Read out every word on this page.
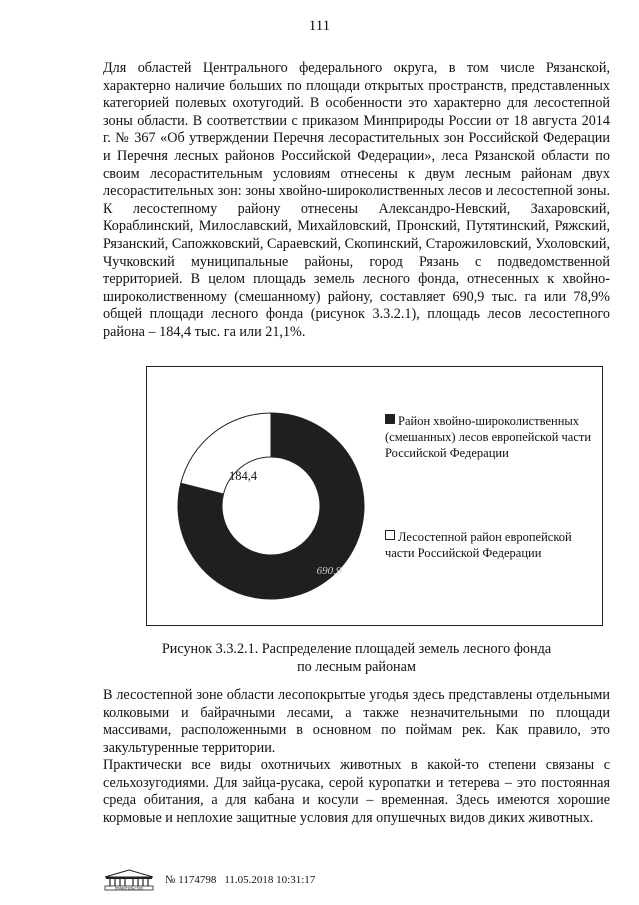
111

Для областей Центрального федерального округа, в том числе Рязанской, характерно наличие больших по площади открытых пространств, представленных категорией полевых охотугодий. В особенности это характерно для лесостепной зоны области. В соответствии с приказом Минприроды России от 18 августа 2014 г. № 367 «Об утверждении Перечня лесорастительных зон Российской Федерации и Перечня лесных районов Российской Федерации», леса Рязанской области по своим лесорастительным условиям отнесены к двум лесным районам двух лесорастительных зон: зоны хвойно-широколиственных лесов и лесостепной зоны. К лесостепному району отнесены Александро-Невский, Захаровский, Кораблинский, Милославский, Михайловский, Пронский, Путятинский, Ряжский, Рязанский, Сапожковский, Сараевский, Скопинский, Старожиловский, Ухоловский, Чучковский муниципальные районы, город Рязань с подведомственной территорией. В целом площадь земель лесного фонда, отнесенных к хвойно-широколиственному (смешанному) району, составляет 690,9 тыс. га или 78,9% общей площади лесного фонда (рисунок 3.3.2.1), площадь лесов лесостепного района – 184,4 тыс. га или 21,1%.

690,9
184,4
Район хвойно-широколиственных (смешанных) лесов европейской части Российской Федерации
Лесостепной район европейской части Российской Федерации
Рисунок 3.3.2.1. Распределение площадей земель лесного фонда
по лесным районам

В лесостепной зоне области лесопокрытые угодья здесь представлены отдельными колковыми и байрачными лесами, а также незначительными по площади массивами, расположенными в основном по поймам рек. Как правило, это закультуренные территории.

Практически все виды охотничьих животных в какой-то степени связаны с сельхозугодиями. Для зайца-русака, серой куропатки и тетерева – это постоянная среда обитания, а для кабана и косули – временная. Здесь имеются хорошие кормовые и неплохие защитные условия для опушечных видов диких животных.

ПРАВИТЕЛЬСТВО
№ 1174798 11.05.2018 10:31:17
